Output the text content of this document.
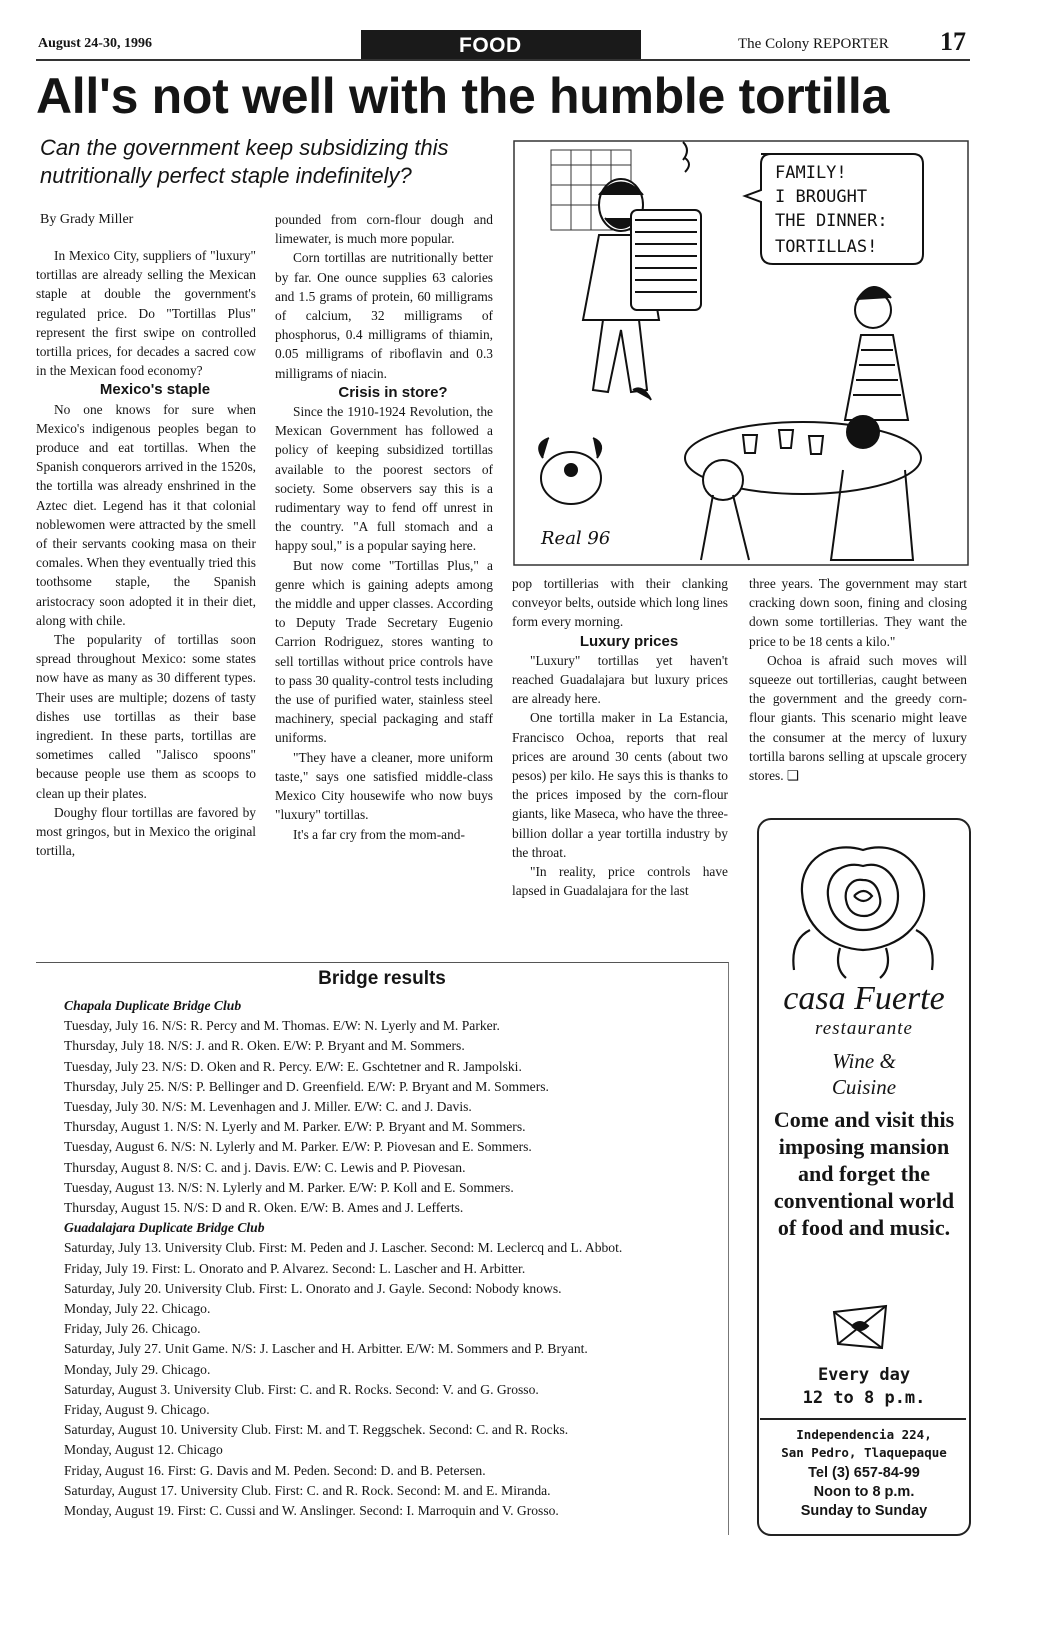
August 24-30, 1996	FOOD	The Colony REPORTER 17
All's not well with the humble tortilla
Can the government keep subsidizing this nutritionally perfect staple indefinitely?
By Grady Miller

In Mexico City, suppliers of "luxury" tortillas are already selling the Mexican staple at double the government's regulated price. Do "Tortillas Plus" represent the first swipe on controlled tortilla prices, for decades a sacred cow in the Mexican food economy?

Mexico's staple

No one knows for sure when Mexico's indigenous peoples began to produce and eat tortillas. When the Spanish conquerors arrived in the 1520s, the tortilla was already enshrined in the Aztec diet. Legend has it that colonial noblewomen were attracted by the smell of their servants cooking masa on their comales. When they eventually tried this toothsome staple, the Spanish aristocracy soon adopted it in their diet, along with chile.

The popularity of tortillas soon spread throughout Mexico: some states now have as many as 30 different types. Their uses are multiple; dozens of tasty dishes use tortillas as their base ingredient. In these parts, tortillas are sometimes called "Jalisco spoons" because people use them as scoops to clean up their plates.

Doughy flour tortillas are favored by most gringos, but in Mexico the original tortilla,

pounded from corn-flour dough and limewater, is much more popular.

Corn tortillas are nutritionally better by far. One ounce supplies 63 calories and 1.5 grams of protein, 60 milligrams of calcium, 32 milligrams of phosphorus, 0.4 milligrams of thiamin, 0.05 milligrams of riboflavin and 0.3 milligrams of niacin.

Crisis in store?

Since the 1910-1924 Revolution, the Mexican Government has followed a policy of keeping subsidized tortillas available to the poorest sectors of society. Some observers say this is a rudimentary way to fend off unrest in the country. "A full stomach and a happy soul," is a popular saying here.

But now come "Tortillas Plus," a genre which is gaining adepts among the middle and upper classes. According to Deputy Trade Secretary Eugenio Carrion Rodriguez, stores wanting to sell tortillas without price controls have to pass 30 quality-control tests including the use of purified water, stainless steel machinery, special packaging and staff uniforms.

"They have a cleaner, more uniform taste," says one satisfied middle-class Mexico City housewife who now buys "luxury" tortillas.

It's a far cry from the mom-and-

FAMILY!
I BROUGHT
THE DINNER:
TORTILLAS!
Real 96

pop tortillerias with their clanking conveyor belts, outside which long lines form every morning.

Luxury prices

"Luxury" tortillas yet haven't reached Guadalajara but luxury prices are already here.

One tortilla maker in La Estancia, Francisco Ochoa, reports that real prices are around 30 cents (about two pesos) per kilo. He says this is thanks to the prices imposed by the corn-flour giants, like Maseca, who have the three-billion dollar a year tortilla industry by the throat.

"In reality, price controls have lapsed in Guadalajara for the last

three years. The government may start cracking down soon, fining and closing down some tortillerias. They want the price to be 18 cents a kilo."

Ochoa is afraid such moves will squeeze out tortillerias, caught between the government and the greedy corn-flour giants. This scenario might leave the consumer at the mercy of luxury tortilla barons selling at upscale grocery stores. ❑

Bridge results
Chapala Duplicate Bridge Club
Tuesday, July 16. N/S: R. Percy and M. Thomas. E/W: N. Lyerly and M. Parker.
Thursday, July 18. N/S: J. and R. Oken. E/W: P. Bryant and M. Sommers.
Tuesday, July 23. N/S: D. Oken and R. Percy. E/W: E. Gschtetner and R. Jampolski.
Thursday, July 25. N/S: P. Bellinger and D. Greenfield. E/W: P. Bryant and M. Sommers.
Tuesday, July 30. N/S: M. Levenhagen and J. Miller. E/W: C. and J. Davis.
Thursday, August 1. N/S: N. Lyerly and M. Parker. E/W: P. Bryant and M. Sommers.
Tuesday, August 6. N/S: N. Lylerly and M. Parker. E/W: P. Piovesan and E. Sommers.
Thursday, August 8. N/S: C. and j. Davis. E/W: C. Lewis and P. Piovesan.
Tuesday, August 13. N/S: N. Lylerly and M. Parker. E/W: P. Koll and E. Sommers.
Thursday, August 15. N/S: D and R. Oken. E/W: B. Ames and J. Lefferts.
Guadalajara Duplicate Bridge Club
Saturday, July 13. University Club. First: M. Peden and J. Lascher. Second: M. Leclercq and L. Abbot.
Friday, July 19. First: L. Onorato and P. Alvarez. Second: L. Lascher and H. Arbitter.
Saturday, July 20. University Club. First: L. Onorato and J. Gayle. Second: Nobody knows.
Monday, July 22. Chicago.
Friday, July 26. Chicago.
Saturday, July 27. Unit Game. N/S: J. Lascher and H. Arbitter. E/W: M. Sommers and P. Bryant.
Monday, July 29. Chicago.
Saturday, August 3. University Club. First: C. and R. Rocks. Second: V. and G. Grosso.
Friday, August 9. Chicago.
Saturday, August 10. University Club. First: M. and T. Reggschek. Second: C. and R. Rocks.
Monday, August 12. Chicago
Friday, August 16. First: G. Davis and M. Peden. Second: D. and B. Petersen.
Saturday, August 17. University Club. First: C. and R. Rock. Second: M. and E. Miranda.
Monday, August 19. First: C. Cussi and W. Anslinger. Second: I. Marroquin and V. Grosso.
casa Fuerte
restaurante
Wine &
Cuisine
Come and visit this imposing mansion and forget the conventional world of food and music.
Every day
12 to 8 p.m.
Independencia 224,
San Pedro, Tlaquepaque
Tel (3) 657-84-99
Noon to 8 p.m.
Sunday to Sunday
